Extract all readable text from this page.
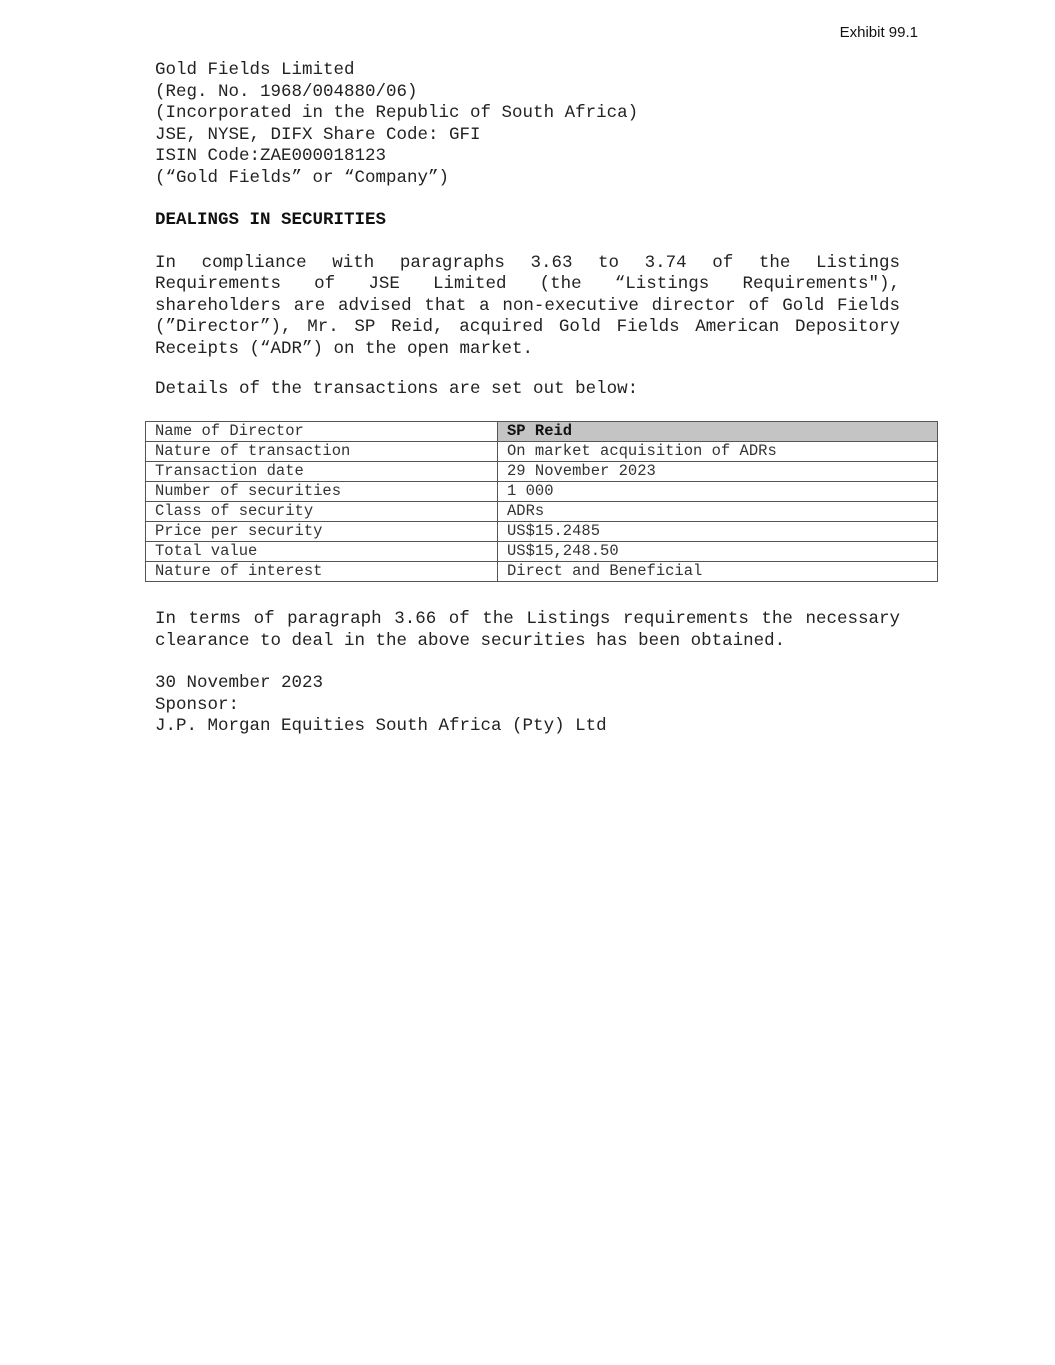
Exhibit 99.1
Gold Fields Limited
(Reg. No. 1968/004880/06)
(Incorporated in the Republic of South Africa)
JSE, NYSE, DIFX Share Code: GFI
ISIN Code:ZAE000018123
(“Gold Fields” or “Company”)
DEALINGS IN SECURITIES
In compliance with paragraphs 3.63 to 3.74 of the Listings Requirements of JSE Limited (the “Listings Requirements"), shareholders are advised that a non-executive director of Gold Fields (”Director”), Mr. SP Reid, acquired Gold Fields American Depository Receipts (“ADR”) on the open market.
Details of the transactions are set out below:
Name of Director	SP Reid
Nature of transaction	On market acquisition of ADRs
Transaction date	29 November 2023
Number of securities	1 000
Class of security	ADRs
Price per security	US$15.2485
Total value	US$15,248.50
Nature of interest	Direct and Beneficial
In terms of paragraph 3.66 of the Listings requirements the necessary clearance to deal in the above securities has been obtained.
30 November 2023
Sponsor:
J.P. Morgan Equities South Africa (Pty) Ltd
